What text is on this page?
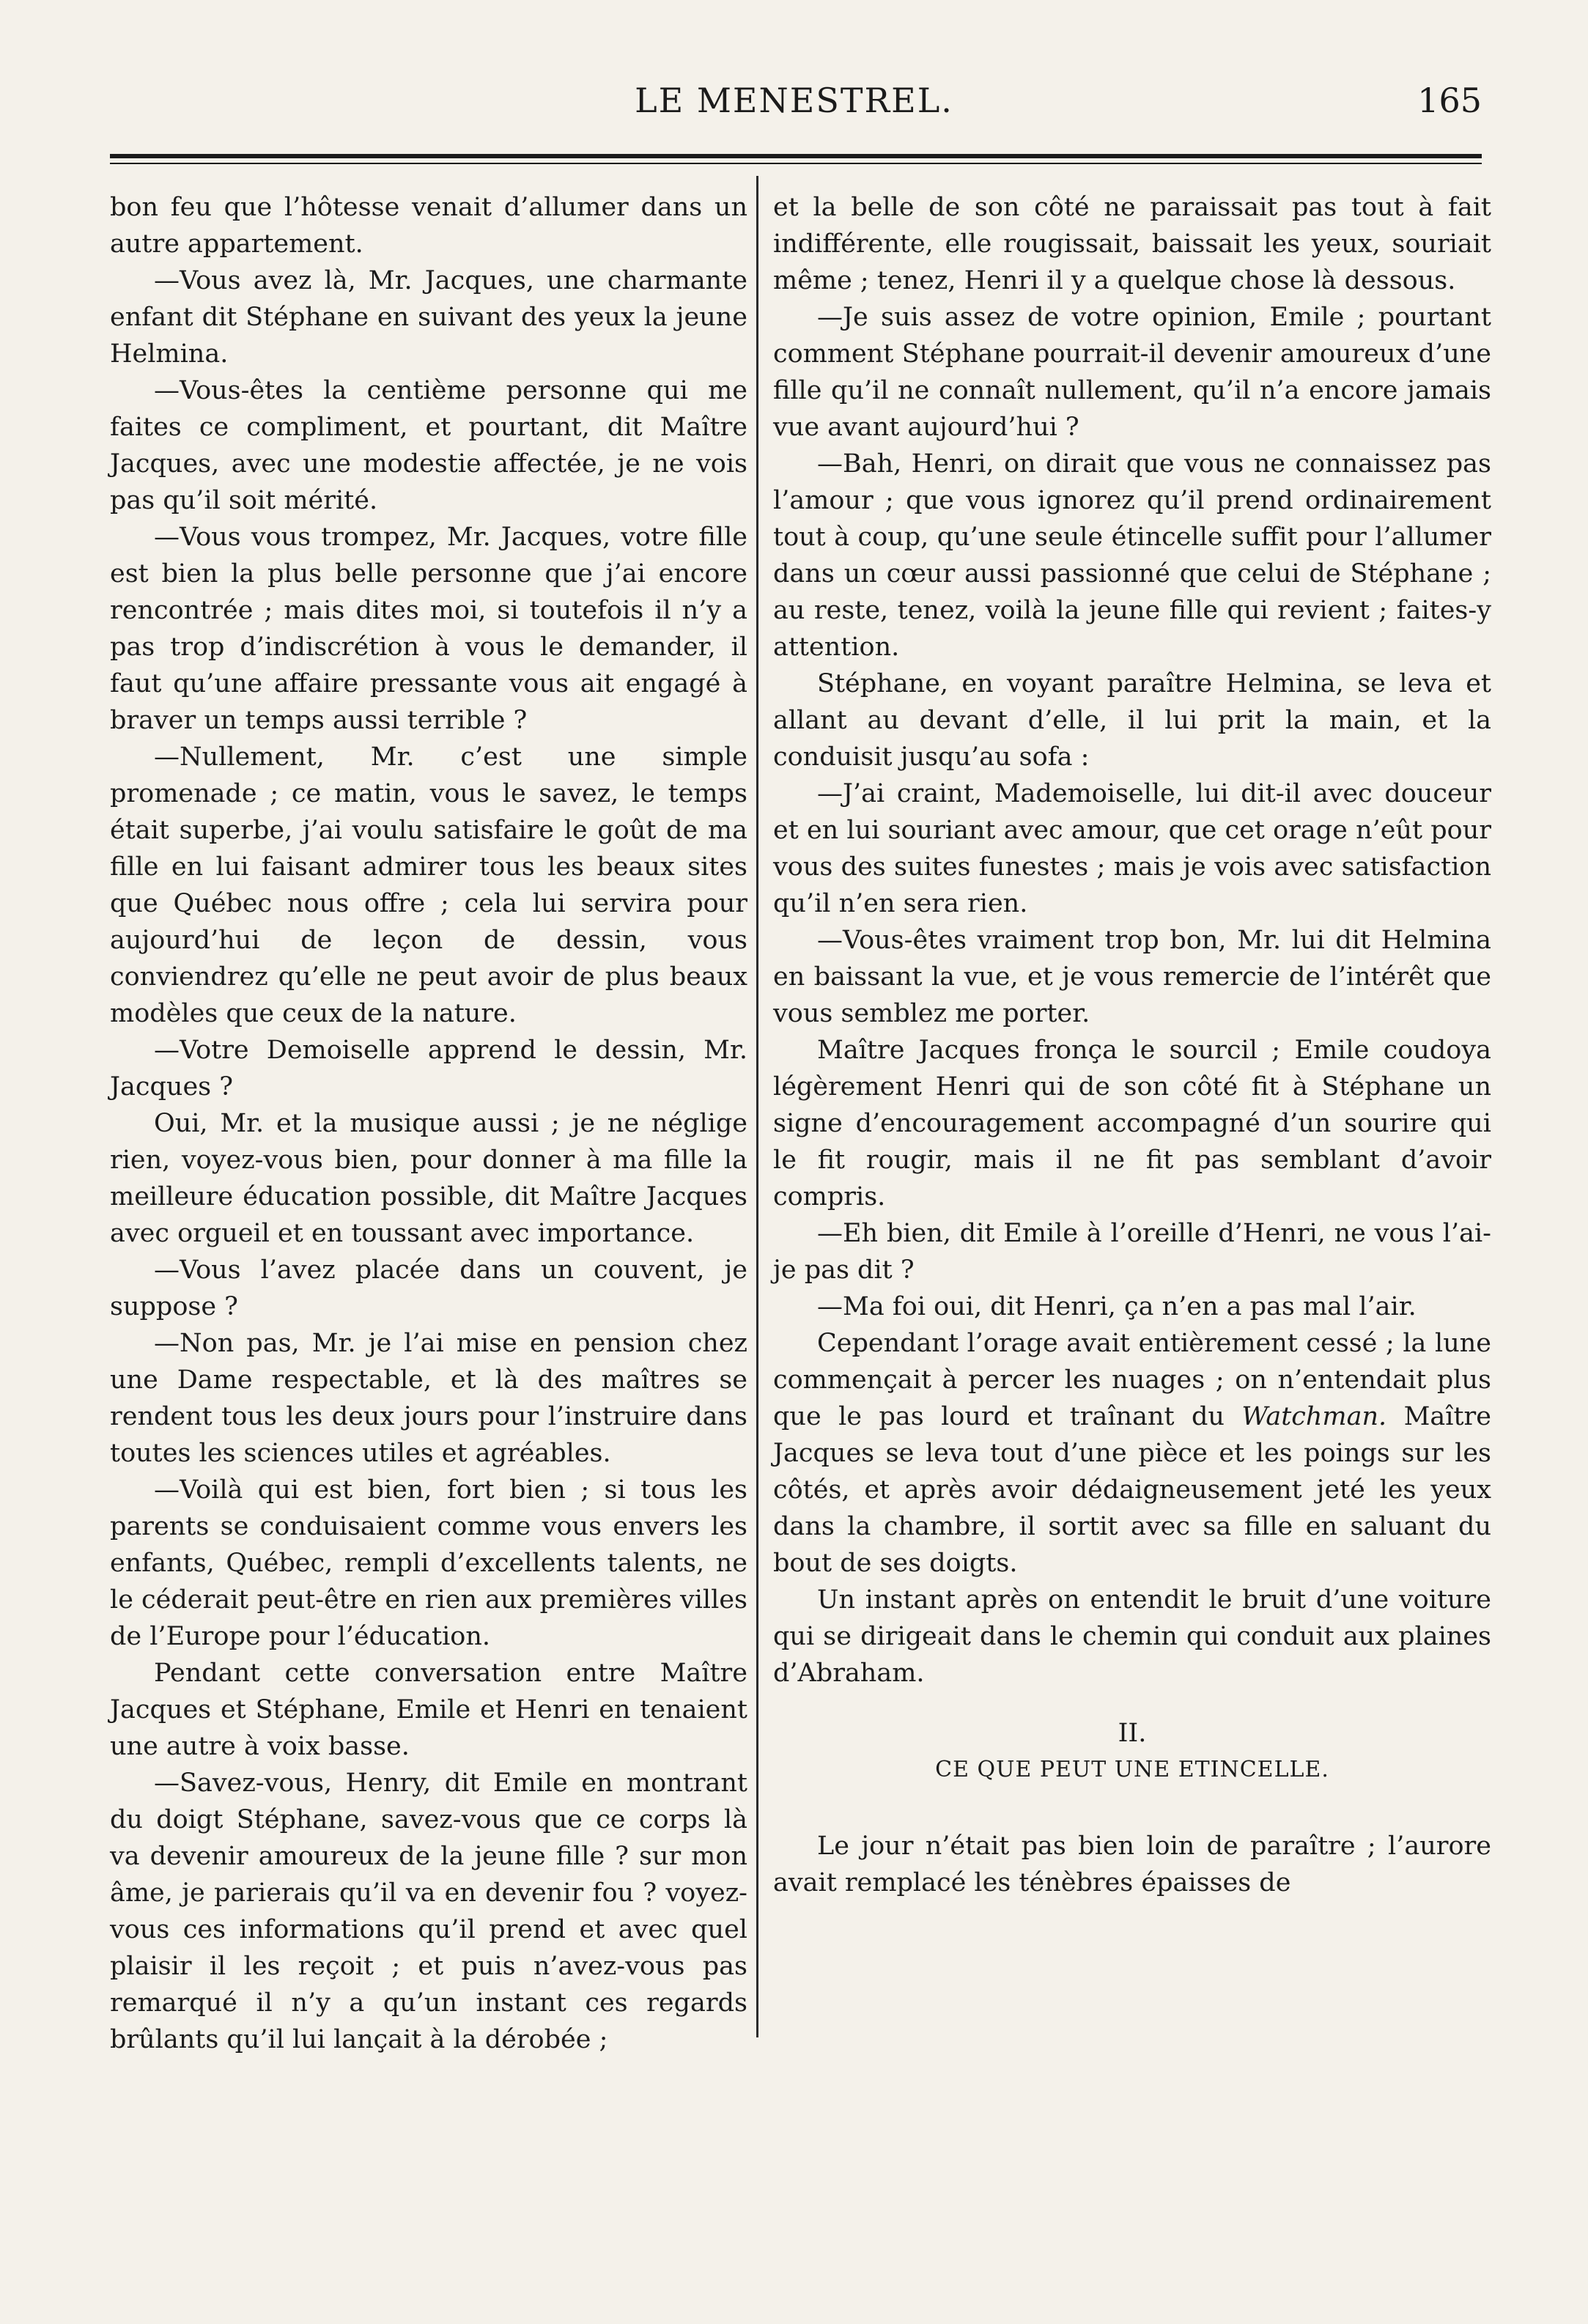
LE MENESTREL.	165

bon feu que l’hôtesse venait d’allumer dans un autre appartement.

—Vous avez là, Mr. Jacques, une charmante enfant dit Stéphane en suivant des yeux la jeune Helmina.

—Vous-êtes la centième personne qui me faites ce compliment, et pourtant, dit Maître Jacques, avec une modestie affectée, je ne vois pas qu’il soit mérité.

—Vous vous trompez, Mr. Jacques, votre fille est bien la plus belle personne que j’ai encore rencontrée ; mais dites moi, si toutefois il n’y a pas trop d’indiscrétion à vous le demander, il faut qu’une affaire pressante vous ait engagé à braver un temps aussi terrible ?

—Nullement, Mr. c’est une simple promenade ; ce matin, vous le savez, le temps était superbe, j’ai voulu satisfaire le goût de ma fille en lui faisant admirer tous les beaux sites que Québec nous offre ; cela lui servira pour aujourd’hui de leçon de dessin, vous conviendrez qu’elle ne peut avoir de plus beaux modèles que ceux de la nature.

—Votre Demoiselle apprend le dessin, Mr. Jacques ?

Oui, Mr. et la musique aussi ; je ne néglige rien, voyez-vous bien, pour donner à ma fille la meilleure éducation possible, dit Maître Jacques avec orgueil et en toussant avec importance.

—Vous l’avez placée dans un couvent, je suppose ?

—Non pas, Mr. je l’ai mise en pension chez une Dame respectable, et là des maîtres se rendent tous les deux jours pour l’instruire dans toutes les sciences utiles et agréables.

—Voilà qui est bien, fort bien ; si tous les parents se conduisaient comme vous envers les enfants, Québec, rempli d’excellents talents, ne le céderait peut-être en rien aux premières villes de l’Europe pour l’éducation.

Pendant cette conversation entre Maître Jacques et Stéphane, Emile et Henri en tenaient une autre à voix basse.

—Savez-vous, Henry, dit Emile en montrant du doigt Stéphane, savez-vous que ce corps là va devenir amoureux de la jeune fille ? sur mon âme, je parierais qu’il va en devenir fou ? voyez-vous ces informations qu’il prend et avec quel plaisir il les reçoit ; et puis n’avez-vous pas remarqué il n’y a qu’un instant ces regards brûlants qu’il lui lançait à la dérobée ;

et la belle de son côté ne paraissait pas tout à fait indifférente, elle rougissait, baissait les yeux, souriait même ; tenez, Henri il y a quelque chose là dessous.

—Je suis assez de votre opinion, Emile ; pourtant comment Stéphane pourrait-il devenir amoureux d’une fille qu’il ne connaît nullement, qu’il n’a encore jamais vue avant aujourd’hui ?

—Bah, Henri, on dirait que vous ne connaissez pas l’amour ; que vous ignorez qu’il prend ordinairement tout à coup, qu’une seule étincelle suffit pour l’allumer dans un cœur aussi passionné que celui de Stéphane ; au reste, tenez, voilà la jeune fille qui revient ; faites-y attention.

Stéphane, en voyant paraître Helmina, se leva et allant au devant d’elle, il lui prit la main, et la conduisit jusqu’au sofa :

—J’ai craint, Mademoiselle, lui dit-il avec douceur et en lui souriant avec amour, que cet orage n’eût pour vous des suites funestes ; mais je vois avec satisfaction qu’il n’en sera rien.

—Vous-êtes vraiment trop bon, Mr. lui dit Helmina en baissant la vue, et je vous remercie de l’intérêt que vous semblez me porter.

Maître Jacques fronça le sourcil ; Emile coudoya légèrement Henri qui de son côté fit à Stéphane un signe d’encouragement accompagné d’un sourire qui le fit rougir, mais il ne fit pas semblant d’avoir compris.

—Eh bien, dit Emile à l’oreille d’Henri, ne vous l’ai-je pas dit ?

—Ma foi oui, dit Henri, ça n’en a pas mal l’air.

Cependant l’orage avait entièrement cessé ; la lune commençait à percer les nuages ; on n’entendait plus que le pas lourd et traînant du Watchman. Maître Jacques se leva tout d’une pièce et les poings sur les côtés, et après avoir dédaigneusement jeté les yeux dans la chambre, il sortit avec sa fille en saluant du bout de ses doigts.

Un instant après on entendit le bruit d’une voiture qui se dirigeait dans le chemin qui conduit aux plaines d’Abraham.

II.

CE QUE PEUT UNE ETINCELLE.

Le jour n’était pas bien loin de paraître ; l’aurore avait remplacé les ténèbres épaisses de
